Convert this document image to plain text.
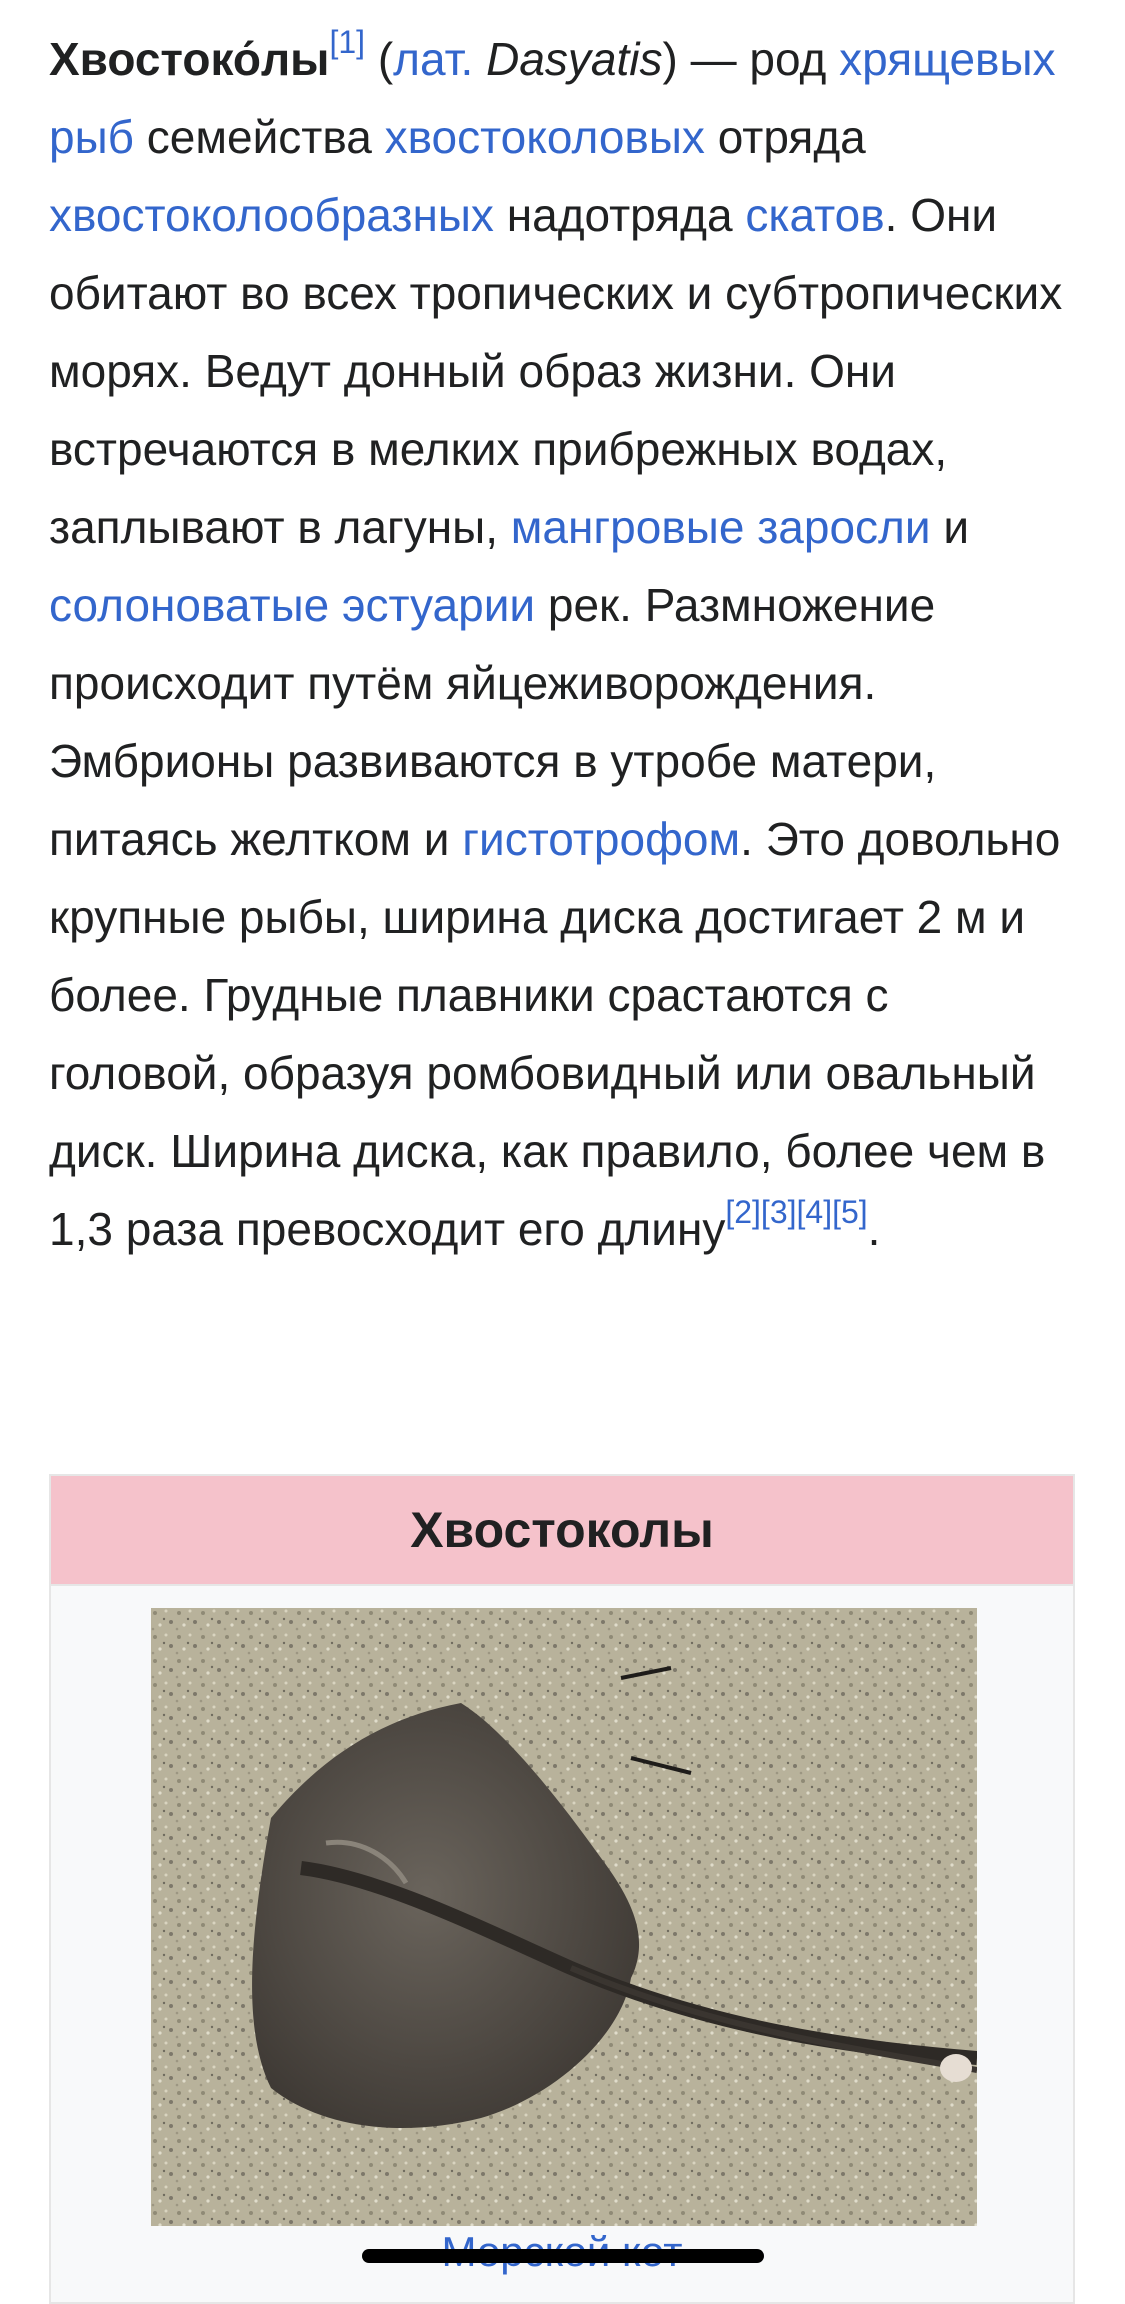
Хвостоко́лы[1] (лат. Dasyatis) — род хрящевых рыб семейства хвостоколовых отряда хвостоколообразных надотряда скатов. Они обитают во всех тропических и субтропических морях. Ведут донный образ жизни. Они встречаются в мелких прибрежных водах, заплывают в лагуны, мангровые заросли и солоноватые эстуарии рек. Размножение происходит путём яйцеживорождения. Эмбрионы развиваются в утробе матери, питаясь желтком и гистотрофом. Это довольно крупные рыбы, ширина диска достигает 2 м и более. Грудные плавники срастаются с головой, образуя ромбовидный или овальный диск. Ширина диска, как правило, более чем в 1,3 раза превосходит его длину[2][3][4][5].

Хвостоколы
